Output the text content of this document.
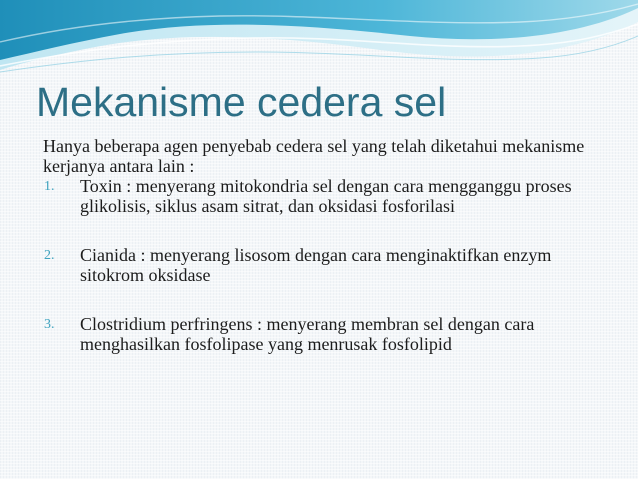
Mekanisme cedera sel

Hanya beberapa agen penyebab cedera sel yang telah diketahui mekanisme kerjanya antara lain :

1. Toxin : menyerang mitokondria sel dengan cara mengganggu proses glikolisis, siklus asam sitrat, dan oksidasi fosforilasi
2. Cianida : menyerang lisosom dengan cara menginaktifkan enzym sitokrom oksidase
3. Clostridium perfringens : menyerang membran sel dengan cara menghasilkan fosfolipase yang menrusak fosfolipid
